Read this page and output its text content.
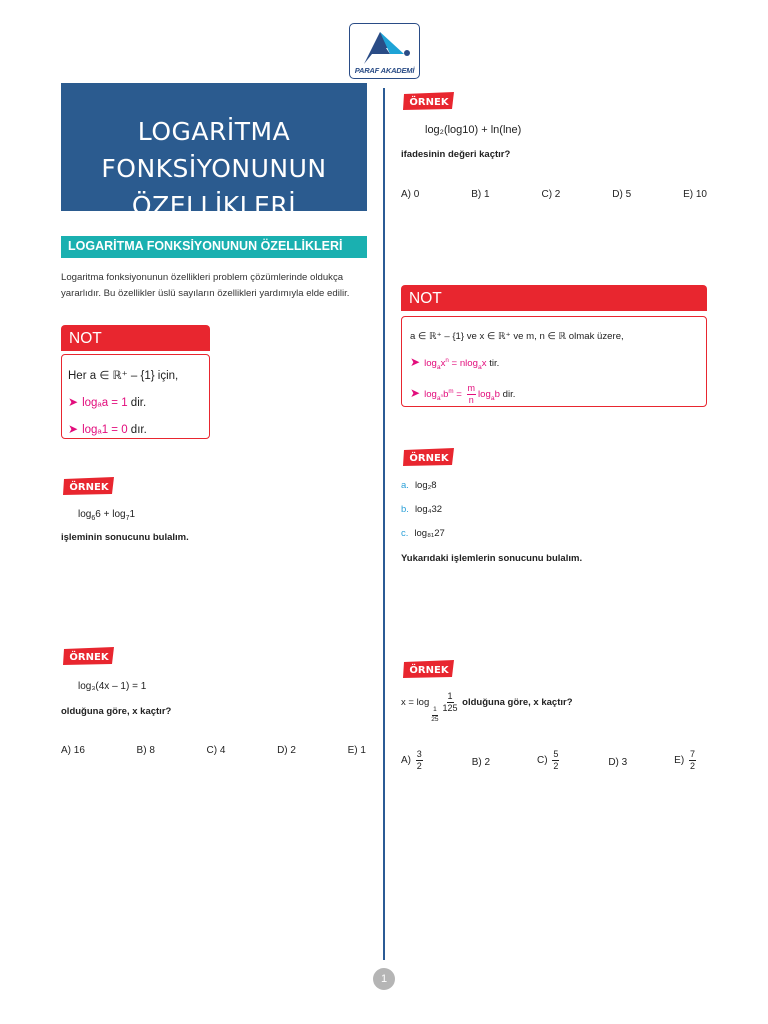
PARAF AKADEMİ
LOGARİTMA FONKSİYONUNUN
ÖZELLİKLERİ
LOGARİTMA FONKSİYONUNUN ÖZELLİKLERİ
Logaritma fonksiyonunun özellikleri problem çözümlerinde oldukça yararlıdır. Bu özellikler üslü sayıların özellikleri yardımıyla elde edilir.
NOT
Her a ∈ ℝ⁺ – {1} için,
➤ logₐa = 1 dir.
➤ logₐ1 = 0 dır.
ÖRNEK
ÖRNEK
ÖRNEK
ÖRNEK
ÖRNEK
$\log_66 + \log_71$
işleminin sonucunu bulalım.
log₃(4x – 1) = 1
olduğuna göre, x kaçtır?
A) 16	B) 8	C) 4	D) 2	E) 1
log₂(log10) + ln(lne)
ifadesinin değeri kaçtır?
A) 0	B) 1	C) 2	D) 5	E) 10
NOT
a ∈ ℝ⁺ – {1} ve x ∈ ℝ⁺ ve m, n ∈ ℝ olmak üzere,
➤ $\log_ax^n = nlog_ax$ tir.
➤ $\log_{a^n}b^m = \frac{m}{n} \log_ab$ dir.
a. log₂8
b. log₄32
c. log₈₁27
Yukarıdaki işlemlerin sonucunu bulalım.
x = log
$\frac{1}{25}$
$\frac{1}{125}$ olduğuna göre, x kaçtır?
$A) \frac{3}{2}$	B) 2	$C) \frac{5}{2}$	D) 3	$E) \frac{7}{2}$
1
